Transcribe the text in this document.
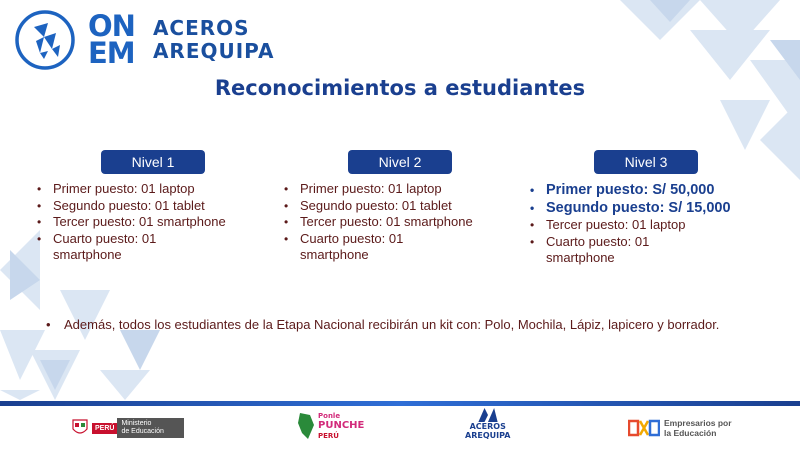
ON
EM
ACEROS
AREQUIPA
Reconocimientos a estudiantes
Nivel 1
• Primer puesto: 01 laptop
• Segundo puesto: 01 tablet
• Tercer puesto: 01 smartphone
• Cuarto puesto: 01 smartphone
Nivel 2
• Primer puesto: 01 laptop
• Segundo puesto: 01 tablet
• Tercer puesto: 01 smartphone
• Cuarto puesto: 01 smartphone
Nivel 3
• Primer puesto: S/ 50,000
• Segundo puesto: S/ 15,000
• Tercer puesto: 01 laptop
• Cuarto puesto: 01 smartphone
• Además, todos los estudiantes de la Etapa Nacional recibirán un kit con: Polo, Mochila, Lápiz, lapicero y borrador.
PERÚ
Ministerio
de Educación
Ponle
PUNCHE
PERÚ
ACEROS
AREQUIPA
Empresarios por
la Educación
